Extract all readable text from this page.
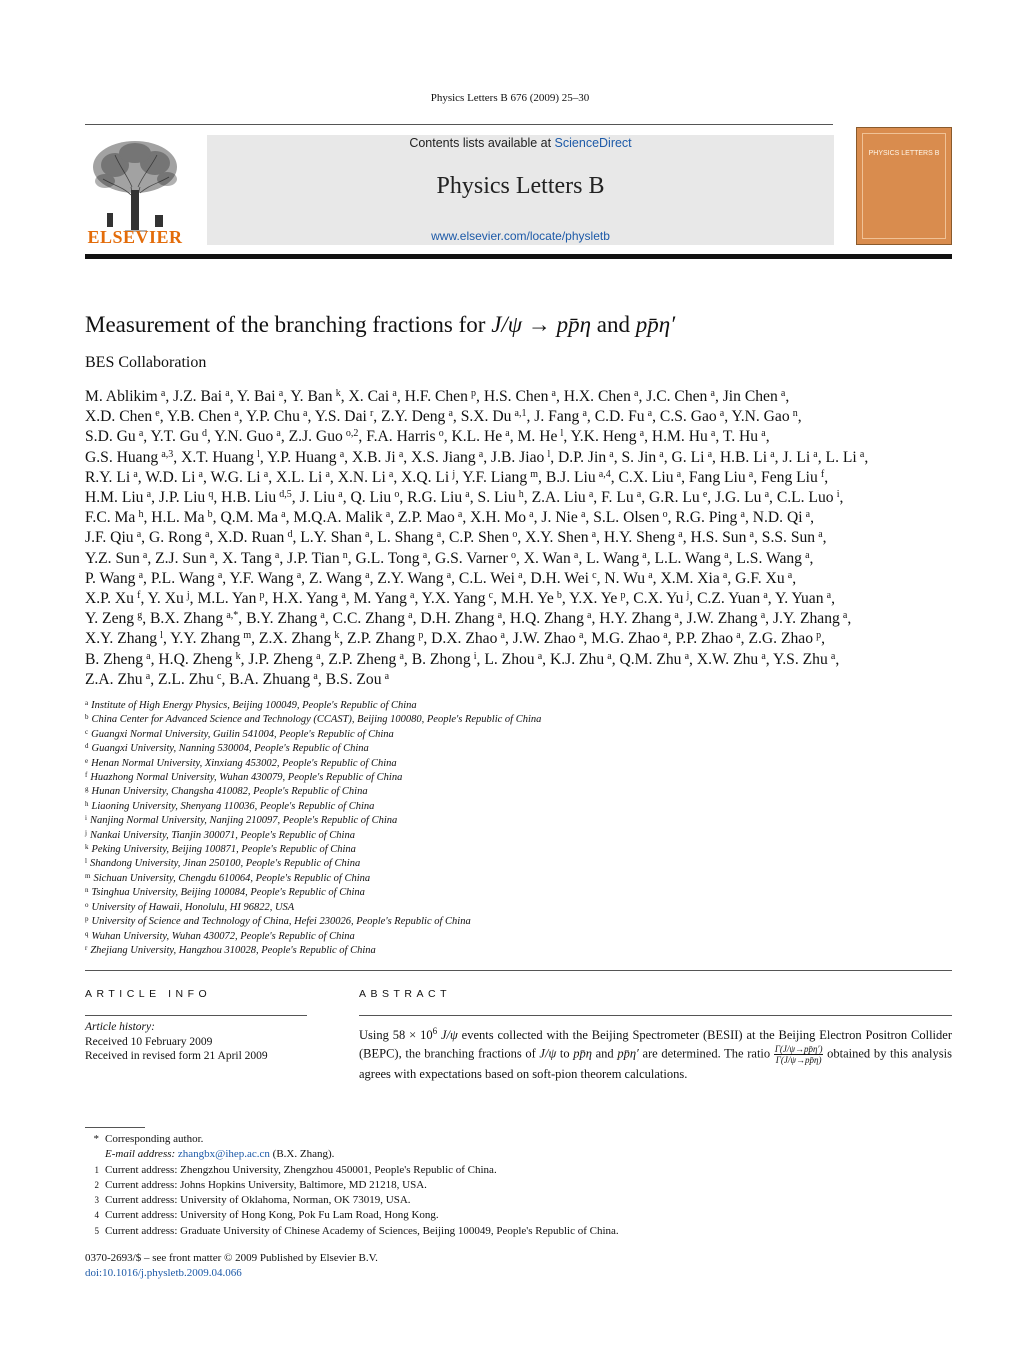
Physics Letters B 676 (2009) 25–30
ELSEVIER
Contents lists available at ScienceDirect
Physics Letters B
www.elsevier.com/locate/physletb
PHYSICS LETTERS B
Measurement of the branching fractions for J/ψ → pp̄η and pp̄η′
BES Collaboration

M. Ablikim  $^a$, J.Z. Bai  $^a$, Y. Bai  $^a$, Y. Ban  $^k$, X. Cai  $^a$, H.F. Chen  $^p$, H.S. Chen  $^a$, H.X. Chen  $^a$, J.C. Chen  $^a$, Jin Chen  $^a$,

X.D. Chen  $^e$, Y.B. Chen  $^a$, Y.P. Chu  $^a$, Y.S. Dai  $^r$, Z.Y. Deng  $^a$, S.X. Du  $^{a,1}$, J. Fang  $^a$, C.D. Fu  $^a$, C.S. Gao  $^a$, Y.N. Gao  $^n$,

S.D. Gu  $^a$, Y.T. Gu  $^d$, Y.N. Guo  $^a$, Z.J. Guo  $^{o,2}$, F.A. Harris  $^o$, K.L. He  $^a$, M. He  $^l$, Y.K. Heng  $^a$, H.M. Hu  $^a$, T. Hu  $^a$,

G.S. Huang  $^{a,3}$, X.T. Huang  $^l$, Y.P. Huang  $^a$, X.B. Ji  $^a$, X.S. Jiang  $^a$, J.B. Jiao  $^l$, D.P. Jin  $^a$, S. Jin  $^a$, G. Li  $^a$, H.B. Li  $^a$, J. Li  $^a$, L. Li  $^a$,

R.Y. Li  $^a$, W.D. Li  $^a$, W.G. Li  $^a$, X.L. Li  $^a$, X.N. Li  $^a$, X.Q. Li  $^j$, Y.F. Liang  $^m$, B.J. Liu  $^{a,4}$, C.X. Liu  $^a$, Fang Liu  $^a$, Feng Liu  $^f$,

H.M. Liu  $^a$, J.P. Liu  $^q$, H.B. Liu  $^{d,5}$, J. Liu  $^a$, Q. Liu  $^o$, R.G. Liu  $^a$, S. Liu  $^h$, Z.A. Liu  $^a$, F. Lu  $^a$, G.R. Lu  $^e$, J.G. Lu  $^a$, C.L. Luo  $^i$,

F.C. Ma  $^h$, H.L. Ma  $^b$, Q.M. Ma  $^a$, M.Q.A. Malik  $^a$, Z.P. Mao  $^a$, X.H. Mo  $^a$, J. Nie  $^a$, S.L. Olsen  $^o$, R.G. Ping  $^a$, N.D. Qi  $^a$,

J.F. Qiu  $^a$, G. Rong  $^a$, X.D. Ruan  $^d$, L.Y. Shan  $^a$, L. Shang  $^a$, C.P. Shen  $^o$, X.Y. Shen  $^a$, H.Y. Sheng  $^a$, H.S. Sun  $^a$, S.S. Sun  $^a$,

Y.Z. Sun  $^a$, Z.J. Sun  $^a$, X. Tang  $^a$, J.P. Tian  $^n$, G.L. Tong  $^a$, G.S. Varner  $^o$, X. Wan  $^a$, L. Wang  $^a$, L.L. Wang  $^a$, L.S. Wang  $^a$,

P. Wang  $^a$, P.L. Wang  $^a$, Y.F. Wang  $^a$, Z. Wang  $^a$, Z.Y. Wang  $^a$, C.L. Wei  $^a$, D.H. Wei  $^c$, N. Wu  $^a$, X.M. Xia  $^a$, G.F. Xu  $^a$,

X.P. Xu  $^f$, Y. Xu  $^j$, M.L. Yan  $^p$, H.X. Yang  $^a$, M. Yang  $^a$, Y.X. Yang  $^c$, M.H. Ye  $^b$, Y.X. Ye  $^p$, C.X. Yu  $^j$, C.Z. Yuan  $^a$, Y. Yuan  $^a$,

Y. Zeng  $^g$, B.X. Zhang  $^{a,*}$, B.Y. Zhang  $^a$, C.C. Zhang  $^a$, D.H. Zhang  $^a$, H.Q. Zhang  $^a$, H.Y. Zhang  $^a$, J.W. Zhang  $^a$, J.Y. Zhang  $^a$,

X.Y. Zhang  $^l$, Y.Y. Zhang  $^m$, Z.X. Zhang  $^k$, Z.P. Zhang  $^p$, D.X. Zhao  $^a$, J.W. Zhao  $^a$, M.G. Zhao  $^a$, P.P. Zhao  $^a$, Z.G. Zhao  $^p$,

B. Zheng  $^a$, H.Q. Zheng  $^k$, J.P. Zheng  $^a$, Z.P. Zheng  $^a$, B. Zhong  $^i$, L. Zhou  $^a$, K.J. Zhu  $^a$, Q.M. Zhu  $^a$, X.W. Zhu  $^a$, Y.S. Zhu  $^a$,

Z.A. Zhu  $^a$, Z.L. Zhu  $^c$, B.A. Zhuang  $^a$, B.S. Zou  $^a$

$^a$ Institute of High Energy Physics, Beijing 100049, People's Republic of China
$^b$ China Center for Advanced Science and Technology (CCAST), Beijing 100080, People's Republic of China
$^c$ Guangxi Normal University, Guilin 541004, People's Republic of China
$^d$ Guangxi University, Nanning 530004, People's Republic of China
$^e$ Henan Normal University, Xinxiang 453002, People's Republic of China
$^f$ Huazhong Normal University, Wuhan 430079, People's Republic of China
$^g$ Hunan University, Changsha 410082, People's Republic of China
$^h$ Liaoning University, Shenyang 110036, People's Republic of China
$^i$ Nanjing Normal University, Nanjing 210097, People's Republic of China
$^j$ Nankai University, Tianjin 300071, People's Republic of China
$^k$ Peking University, Beijing 100871, People's Republic of China
$^l$ Shandong University, Jinan 250100, People's Republic of China
$^m$ Sichuan University, Chengdu 610064, People's Republic of China
$^n$ Tsinghua University, Beijing 100084, People's Republic of China
$^o$ University of Hawaii, Honolulu, HI 96822, USA
$^p$ University of Science and Technology of China, Hefei 230026, People's Republic of China
$^q$ Wuhan University, Wuhan 430072, People's Republic of China
$^r$ Zhejiang University, Hangzhou 310028, People's Republic of China
ARTICLE INFO	ABSTRACT
Article history:
Received 10 February 2009
Received in revised form 21 April 2009
Using $58 \times 10^6$ J/ψ events collected with the Beijing Spectrometer (BESII) at the Beijing Electron Positron Collider (BEPC), the branching fractions of J/ψ to pp̄η and pp̄η′ are determined. The ratio $\frac{\Gamma(J/\psi\to pp̄\eta')}{\Gamma(J/\psi\to pp̄\eta)}$ obtained by this analysis agrees with expectations based on soft-pion theorem calculations.
* Corresponding author.
E-mail address: zhangbx@ihep.ac.cn (B.X. Zhang).
1 Current address: Zhengzhou University, Zhengzhou 450001, People's Republic of China.
2 Current address: Johns Hopkins University, Baltimore, MD 21218, USA.
3 Current address: University of Oklahoma, Norman, OK 73019, USA.
4 Current address: University of Hong Kong, Pok Fu Lam Road, Hong Kong.
5 Current address: Graduate University of Chinese Academy of Sciences, Beijing 100049, People's Republic of China.
0370-2693/$ – see front matter © 2009 Published by Elsevier B.V.
doi:10.1016/j.physletb.2009.04.066
